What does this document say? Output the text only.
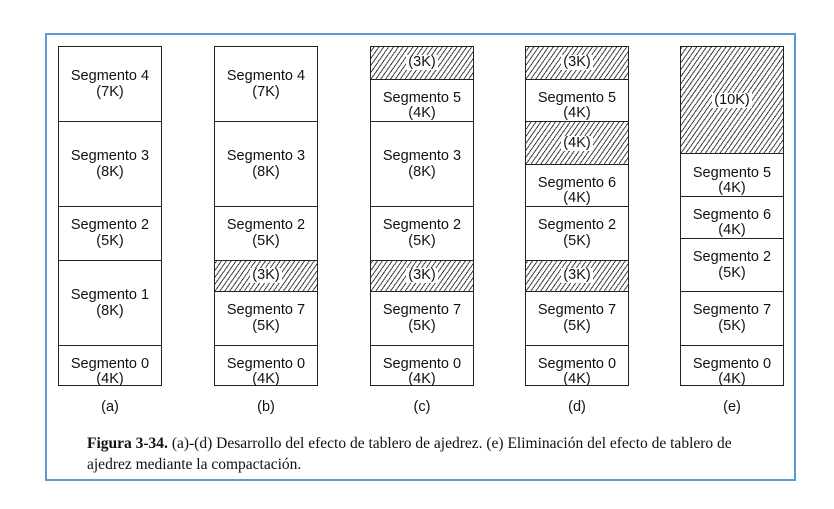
Segmento 4
(7K)
Segmento 3
(8K)
Segmento 2
(5K)
Segmento 1
(8K)
Segmento 0
(4K)
(a)
Segmento 4
(7K)
Segmento 3
(8K)
Segmento 2
(5K)
(3K)
Segmento 7
(5K)
Segmento 0
(4K)
(b)
(3K)
Segmento 5
(4K)
Segmento 3
(8K)
Segmento 2
(5K)
(3K)
Segmento 7
(5K)
Segmento 0
(4K)
(c)
(3K)
Segmento 5
(4K)
(4K)
Segmento 6
(4K)
Segmento 2
(5K)
(3K)
Segmento 7
(5K)
Segmento 0
(4K)
(d)
(10K)
Segmento 5
(4K)
Segmento 6
(4K)
Segmento 2
(5K)
Segmento 7
(5K)
Segmento 0
(4K)
(e)
Figura 3-34. (a)-(d) Desarrollo del efecto de tablero de ajedrez. (e) Eliminación del efecto de tablero de ajedrez mediante la compactación.
